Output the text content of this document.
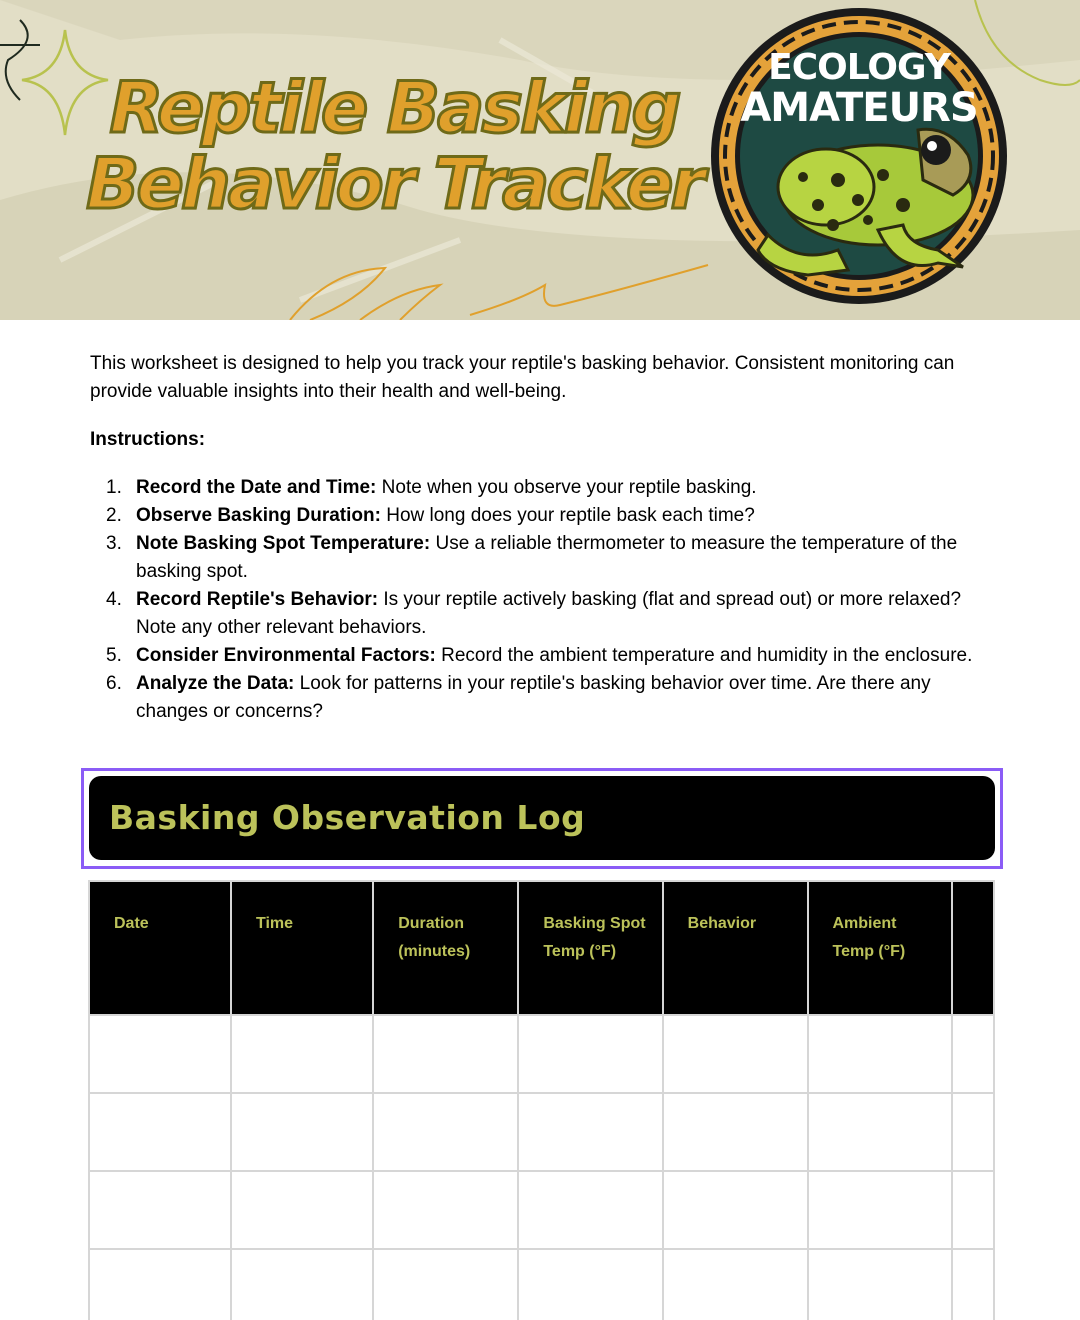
Reptile Basking
Behavior Tracker
ECOLOGY
AMATEURS

This worksheet is designed to help you track your reptile's basking behavior. Consistent monitoring can provide valuable insights into their health and well-being.

Instructions:

1. Record the Date and Time: Note when you observe your reptile basking.
2. Observe Basking Duration: How long does your reptile bask each time?
3. Note Basking Spot Temperature: Use a reliable thermometer to measure the temperature of the basking spot.
4. Record Reptile's Behavior: Is your reptile actively basking (flat and spread out) or more relaxed? Note any other relevant behaviors.
5. Consider Environmental Factors: Record the ambient temperature and humidity in the enclosure.
6. Analyze the Data: Look for patterns in your reptile's basking behavior over time. Are there any changes or concerns?
Basking Observation Log
Date	Time	Duration (minutes)	Basking Spot Temp (°F)	Behavior	Ambient Temp (°F)	
